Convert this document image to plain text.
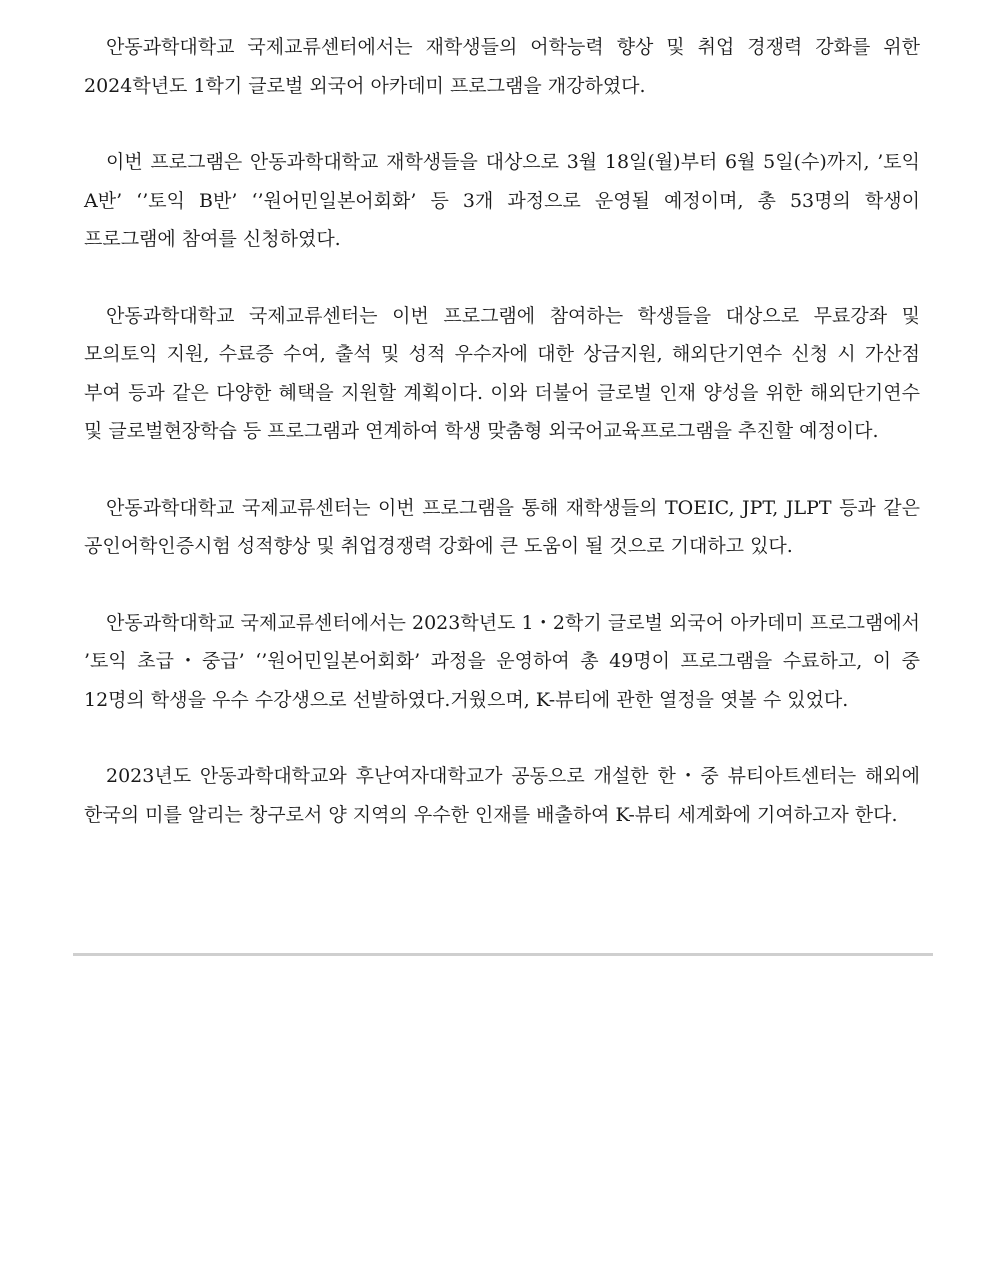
안동과학대학교 국제교류센터에서는 재학생들의 어학능력 향상 및 취업 경쟁력 강화를 위한 2024학년도 1학기 글로벌 외국어 아카데미 프로그램을 개강하였다.

이번 프로그램은 안동과학대학교 재학생들을 대상으로 3월 18일(월)부터 6월 5일(수)까지, ’토익 A반’ ‘’토익 B반’ ‘’원어민일본어회화’ 등 3개 과정으로 운영될 예정이며, 총 53명의 학생이 프로그램에 참여를 신청하였다.

안동과학대학교 국제교류센터는 이번 프로그램에 참여하는 학생들을 대상으로 무료강좌 및 모의토익 지원, 수료증 수여, 출석 및 성적 우수자에 대한 상금지원, 해외단기연수 신청 시 가산점 부여 등과 같은 다양한 혜택을 지원할 계획이다. 이와 더불어 글로벌 인재 양성을 위한 해외단기연수 및 글로벌현장학습 등 프로그램과 연계하여 학생 맞춤형 외국어교육프로그램을 추진할 예정이다.

안동과학대학교 국제교류센터는 이번 프로그램을 통해 재학생들의 TOEIC, JPT, JLPT 등과 같은 공인어학인증시험 성적향상 및 취업경쟁력 강화에 큰 도움이 될 것으로 기대하고 있다.

안동과학대학교 국제교류센터에서는 2023학년도 1・2학기 글로벌 외국어 아카데미 프로그램에서 ’토익 초급・중급’ ‘’원어민일본어회화’ 과정을 운영하여 총 49명이 프로그램을 수료하고, 이 중 12명의 학생을 우수 수강생으로 선발하였다.거웠으며, K-뷰티에 관한 열정을 엿볼 수 있었다.

2023년도 안동과학대학교와 후난여자대학교가 공동으로 개설한 한・중 뷰티아트센터는 해외에 한국의 미를 알리는 창구로서 양 지역의 우수한 인재를 배출하여 K-뷰티 세계화에 기여하고자 한다.
